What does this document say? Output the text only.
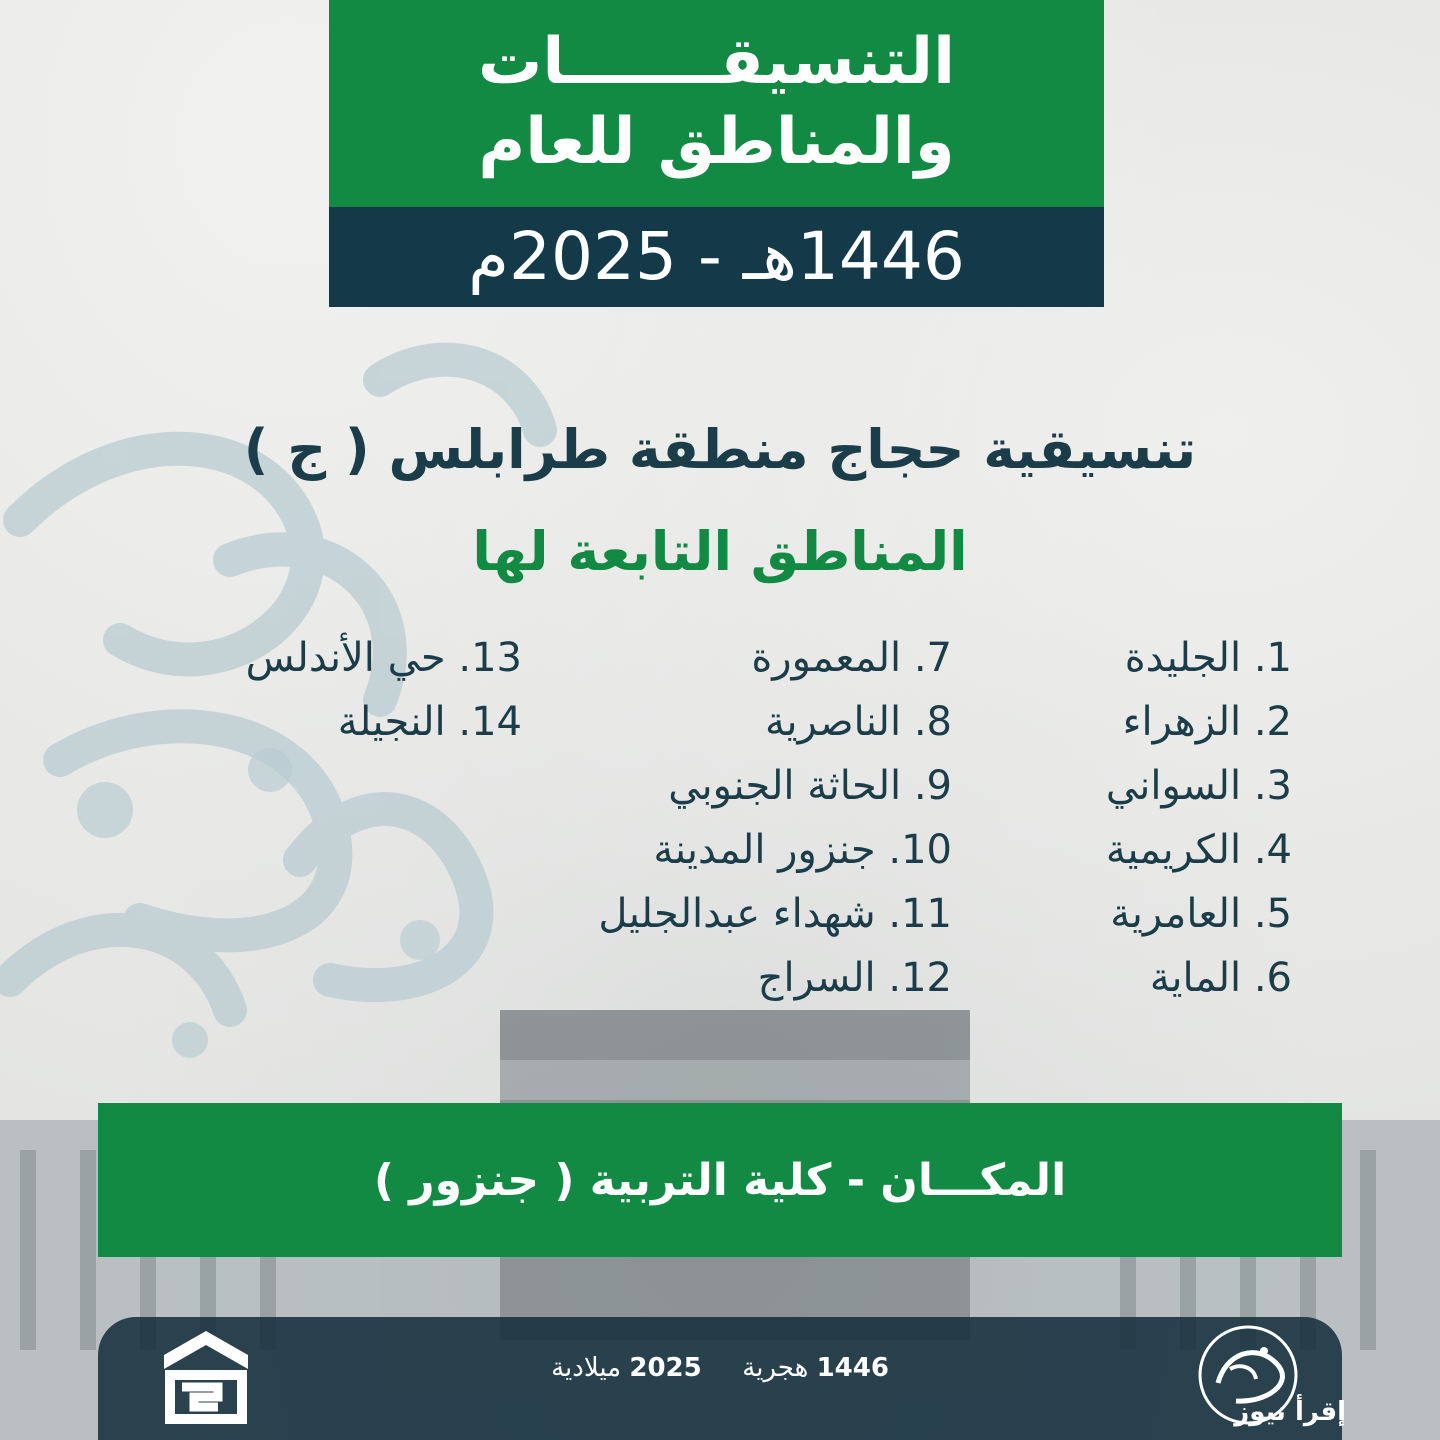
التنسيقـــــــات
والمناطق للعام
1446هـ - 2025م
تنسيقية حجاج منطقة طرابلس ( ج )
المناطق التابعة لها
1. الجليدة
2. الزهراء
3. السواني
4. الكريمية
5. العامرية
6. الماية
7. المعمورة
8. الناصرية
9. الحاثة الجنوبي
10. جنزور المدينة
11. شهداء عبدالجليل
12. السراج
13. حي الأندلس
14. النجيلة
المكـــان - كلية التربية ( جنزور )
1446 هجرية  2025 ميلادية
إقرأ نيوز
